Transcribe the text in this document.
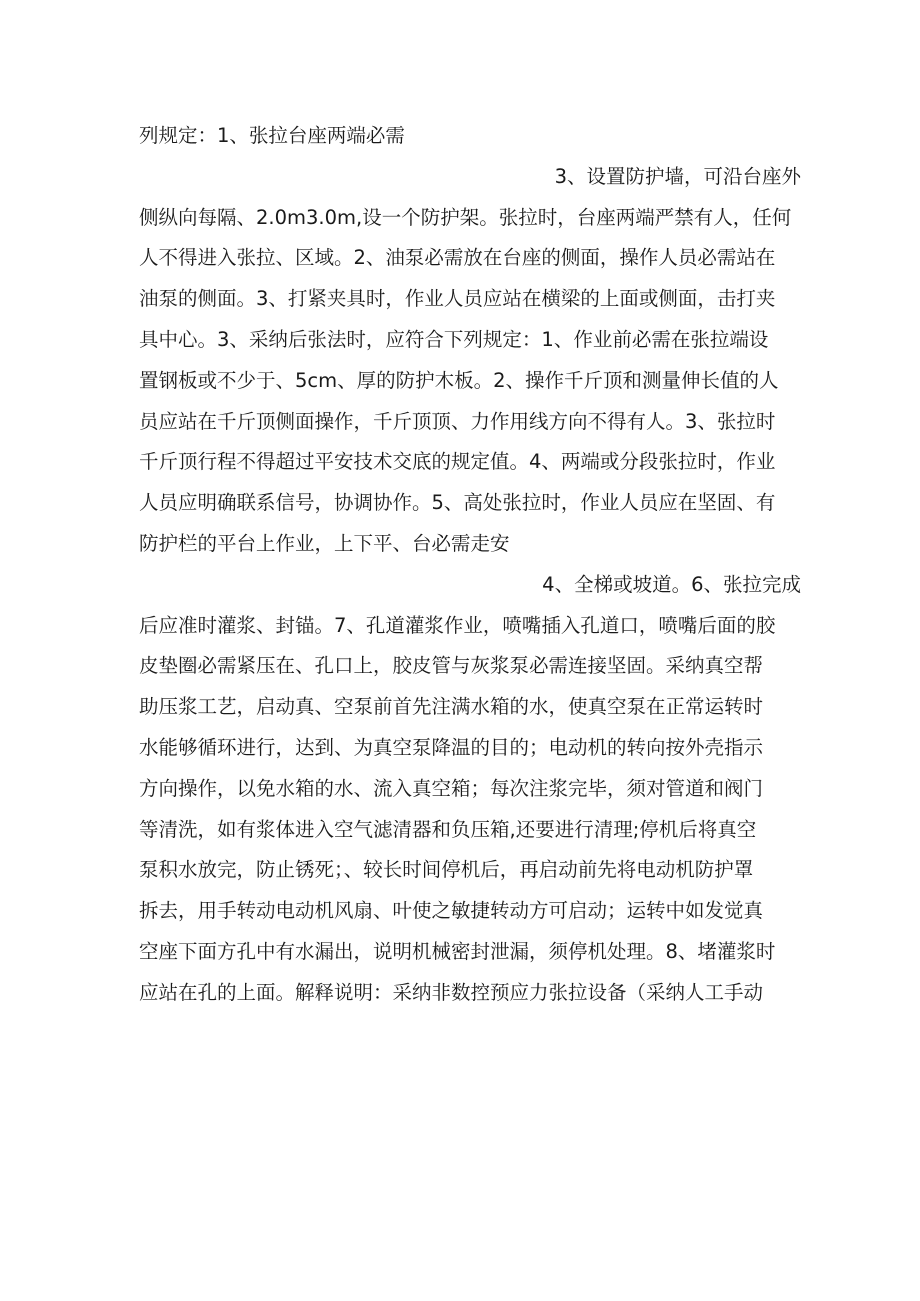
列规定：1、张拉台座两端必需
3、设置防护墙，可沿台座外
侧纵向每隔、2.0m3.0m,设一个防护架。张拉时，台座两端严禁有人，任何
人不得进入张拉、区域。2、油泵必需放在台座的侧面，操作人员必需站在
油泵的侧面。3、打紧夹具时，作业人员应站在横梁的上面或侧面，击打夹
具中心。3、采纳后张法时，应符合下列规定：1、作业前必需在张拉端设
置钢板或不少于、5cm、厚的防护木板。2、操作千斤顶和测量伸长值的人
员应站在千斤顶侧面操作，千斤顶顶、力作用线方向不得有人。3、张拉时
千斤顶行程不得超过平安技术交底的规定值。4、两端或分段张拉时，作业
人员应明确联系信号，协调协作。5、高处张拉时，作业人员应在坚固、有
防护栏的平台上作业，上下平、台必需走安
4、全梯或坡道。6、张拉完成
后应准时灌浆、封锚。7、孔道灌浆作业，喷嘴插入孔道口，喷嘴后面的胶
皮垫圈必需紧压在、孔口上，胶皮管与灰浆泵必需连接坚固。采纳真空帮
助压浆工艺，启动真、空泵前首先注满水箱的水，使真空泵在正常运转时
水能够循环进行，达到、为真空泵降温的目的；电动机的转向按外壳指示
方向操作，以免水箱的水、流入真空箱；每次注浆完毕，须对管道和阀门
等清洗，如有浆体进入空气滤清器和负压箱,还要进行清理;停机后将真空
泵积水放完，防止锈死；、较长时间停机后，再启动前先将电动机防护罩
拆去，用手转动电动机风扇、叶使之敏捷转动方可启动；运转中如发觉真
空座下面方孔中有水漏出，说明机械密封泄漏，须停机处理。8、堵灌浆时
应站在孔的上面。解释说明：采纳非数控预应力张拉设备（采纳人工手动
